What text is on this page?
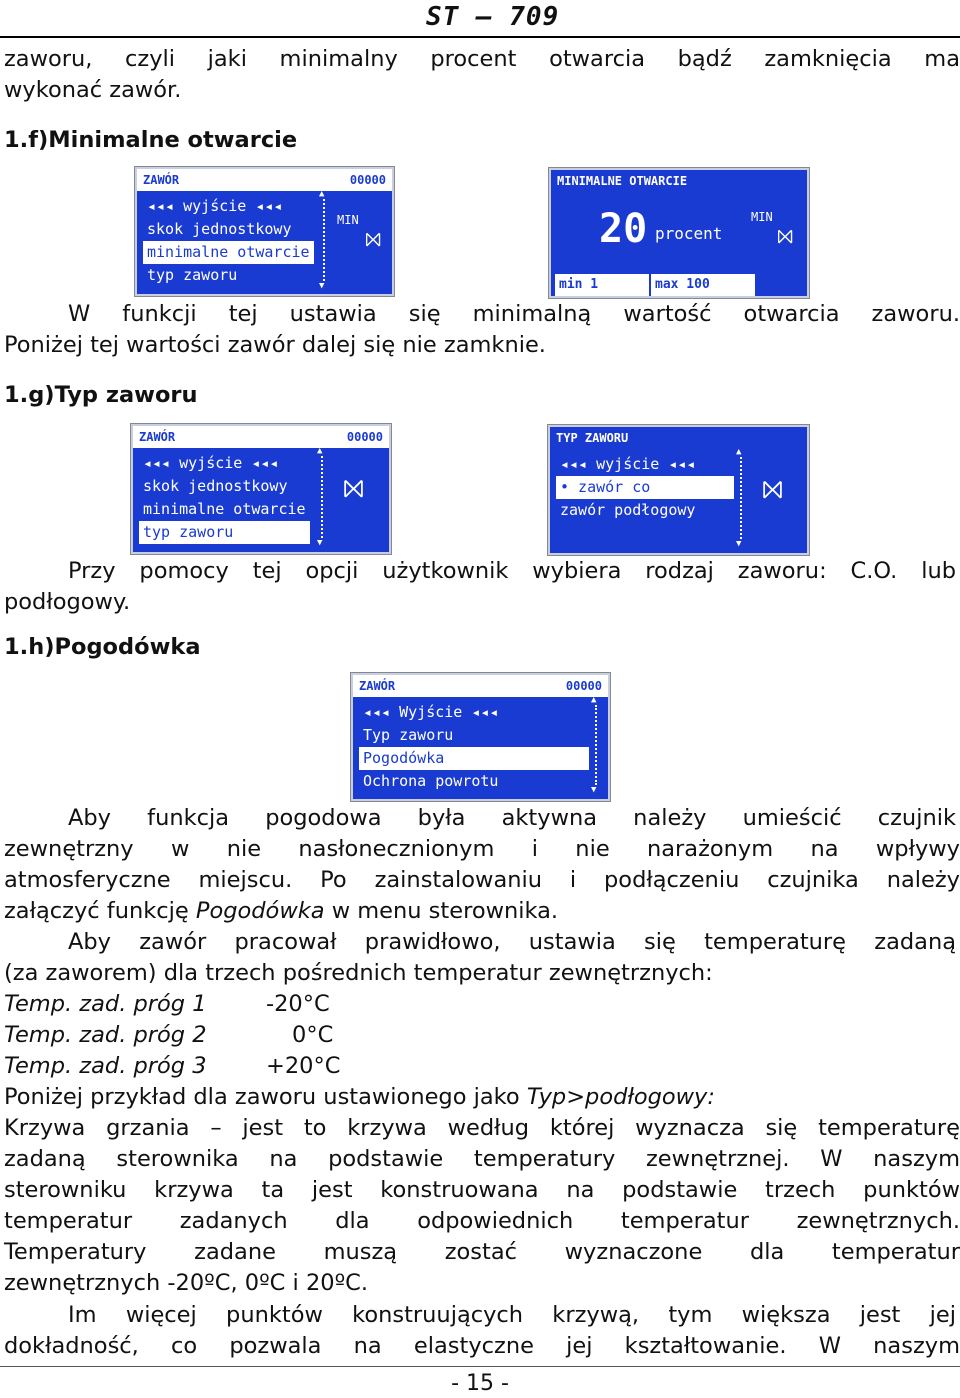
ST – 709
zaworu, czyli jaki minimalny procent otwarcia bądź zamknięcia ma
wykonać zawór.
1.f)Minimalne otwarcie
ZAWÓR	00000
◂◂◂ wyjście ◂◂◂
skok jednostkowy
minimalne otwarcie
typ zaworu
▲ ▼
MIN
⨝
MINIMALNE OTWARCIE
20 procent
MIN
⨝
min 1	max 100
W funkcji tej ustawia się minimalną wartość otwarcia zaworu.
Poniżej tej wartości zawór dalej się nie zamknie.
1.g)Typ zaworu
ZAWÓR	00000
◂◂◂ wyjście ◂◂◂
skok jednostkowy
minimalne otwarcie
typ zaworu
▲ ▼
⨝
TYP ZAWORU
◂◂◂ wyjście ◂◂◂
• zawór co
zawór podłogowy
▲ ▼
⨝
Przy pomocy tej opcji użytkownik wybiera rodzaj zaworu: C.O. lub
podłogowy.
1.h)Pogodówka
ZAWÓR	00000
◂◂◂ Wyjście ◂◂◂
Typ zaworu
Pogodówka
Ochrona powrotu
▲ ▼
Aby funkcja pogodowa była aktywna należy umieścić czujnik
zewnętrzny w nie nasłonecznionym i nie narażonym na wpływy
atmosferyczne miejscu. Po zainstalowaniu i podłączeniu czujnika należy
załączyć funkcję Pogodówka w menu sterownika.
Aby zawór pracował prawidłowo, ustawia się temperaturę zadaną
(za zaworem) dla trzech pośrednich temperatur zewnętrznych:
Temp. zad. próg 1	-20°C
Temp. zad. próg 2	0°C
Temp. zad. próg 3	+20°C
Poniżej przykład dla zaworu ustawionego jako Typ>podłogowy:
Krzywa grzania – jest to krzywa według której wyznacza się temperaturę
zadaną sterownika na podstawie temperatury zewnętrznej. W naszym
sterowniku krzywa ta jest konstruowana na podstawie trzech punktów
temperatur zadanych dla odpowiednich temperatur zewnętrznych.
Temperatury zadane muszą zostać wyznaczone dla temperatur
zewnętrznych -20ºC, 0ºC i 20ºC.
Im więcej punktów konstruujących krzywą, tym większa jest jej
dokładność, co pozwala na elastyczne jej kształtowanie. W naszym
- 15 -
